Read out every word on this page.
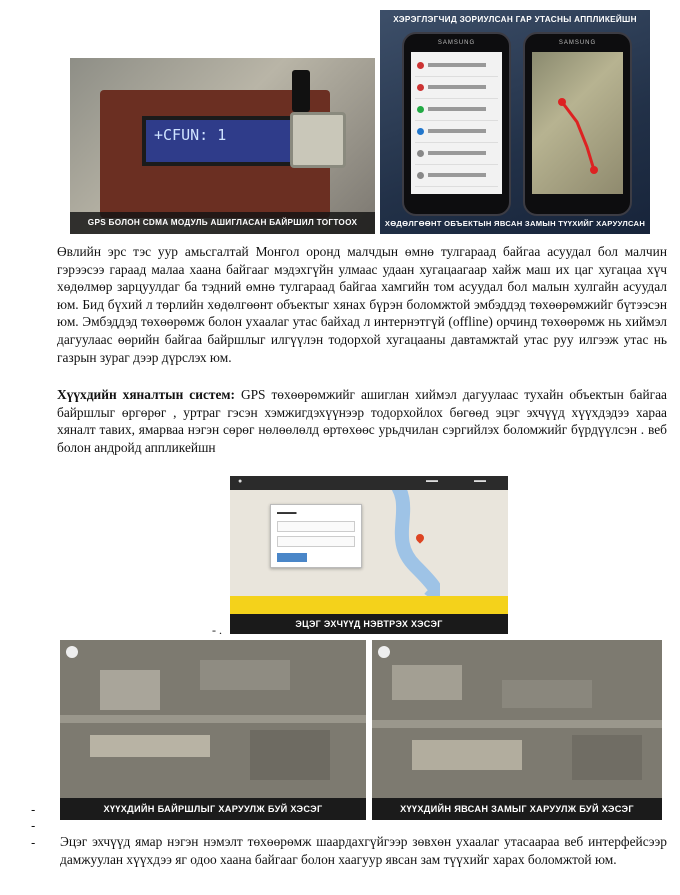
+CFUN: 1
GPS БОЛОН CDMA МОДУЛЬ АШИГЛАСАН БАЙРШИЛ ТОГТООХ
ХЭРЭГЛЭГЧИД ЗОРИУЛСАН ГАР УТАСНЫ АППЛИКЕЙШН
SAMSUNG	SAMSUNG
ХӨДӨЛГӨӨНТ ОБЪЕКТЫН ЯВСАН ЗАМЫН ТҮҮХИЙГ ХАРУУЛСАН
Өвлийн эрс тэс уур амьсгалтай Монгол оронд малчдын өмнө тулгараад байгаа асуудал бол малчин гэрээсээ гараад малаа хаана байгааг мэдэхгүйн улмаас удаан хугацаагаар хайж маш их цаг хугацаа хүч хөдөлмөр зарцуулдаг ба тэдний өмнө тулгараад байгаа хамгийн том асуудал бол малын хулгайн асуудал юм. Бид бүхий л төрлийн хөдөлгөөнт объектыг хянах бүрэн боломжтой эмбэддэд төхөөрөмжийг бүтээсэн юм. Эмбэддэд төхөөрөмж болон ухаалаг утас байхад л интернэтгүй (offline) орчинд төхөөрөмж нь хиймэл дагуулаас өөрийн байгаа байршлыг илгүүлэн тодорхой хугацааны давтамжтай утас руу илгээж утас нь газрын зураг дээр дүрслэх юм.
Хүүхдийн хяналтын систем: GPS төхөөрөмжийг ашиглан хиймэл дагуулаас тухайн объектын байгаа байршлыг өргөрөг , уртраг гэсэн хэмжигдэхүүнээр тодорхойлох бөгөөд эцэг эхчүүд хүүхдэдээ хараа хяналт тавих, ямарваа нэгэн сөрөг нөлөөлөлд өртөхөөс урьдчилан сэргийлэх боломжийг бүрдүүлсэн . веб болон андройд аппликейшн
●	▬▬	▬▬
▬▬▬
ЭЦЭГ ЭХЧҮҮД НЭВТРЭХ ХЭСЭГ
- .
ХҮҮХДИЙН БАЙРШЛЫГ ХАРУУЛЖ БУЙ ХЭСЭГ	ХҮҮХДИЙН ЯВСАН ЗАМЫГ ХАРУУЛЖ БУЙ ХЭСЭГ
-
-
- Эцэг эхчүүд ямар нэгэн нэмэлт төхөөрөмж шаардахгүйгээр зөвхөн ухаалаг утасаараа веб интерфейсээр дамжуулан хүүхдээ яг одоо хаана байгааг болон хаагуур явсан зам түүхийг харах боломжтой юм.
